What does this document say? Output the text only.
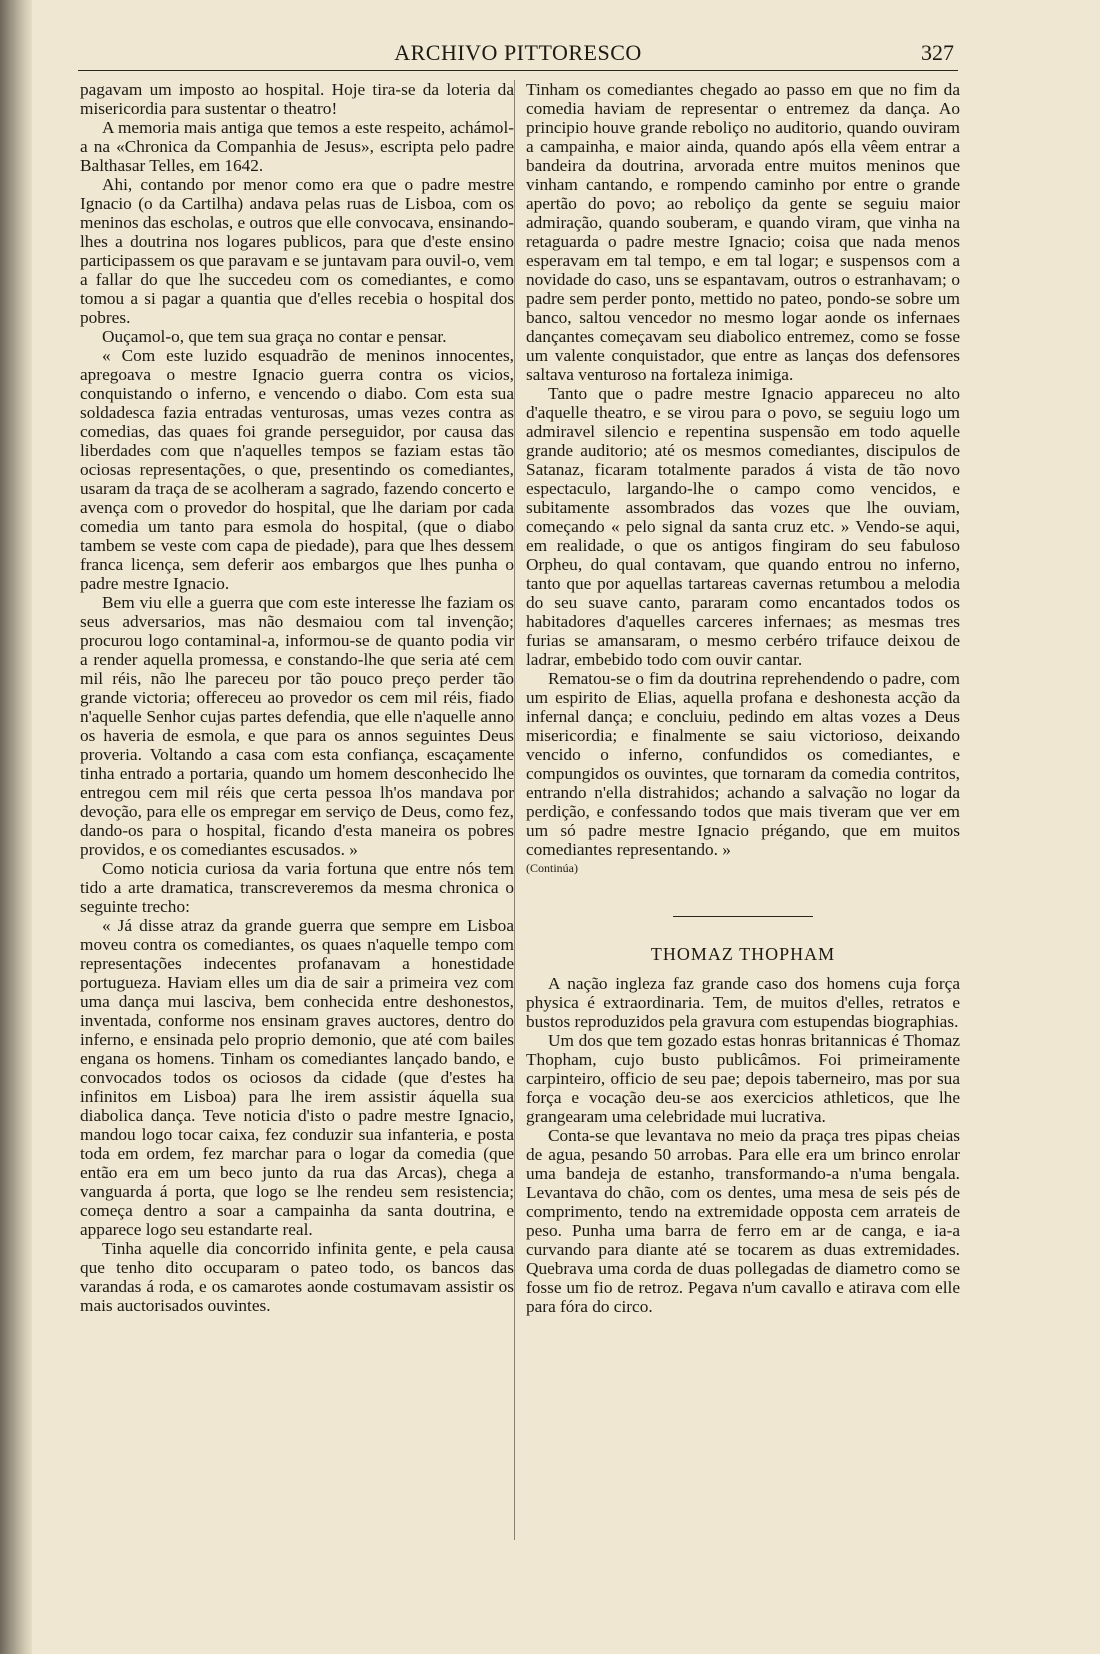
ARCHIVO PITTORESCO	327

pagavam um imposto ao hospital. Hoje tira-se da loteria da misericordia para sustentar o theatro!

A memoria mais antiga que temos a este respeito, achámol-a na «Chronica da Companhia de Jesus», escripta pelo padre Balthasar Telles, em 1642.

Ahi, contando por menor como era que o padre mestre Ignacio (o da Cartilha) andava pelas ruas de Lisboa, com os meninos das escholas, e outros que elle convocava, ensinando-lhes a doutrina nos logares publicos, para que d'este ensino participassem os que paravam e se juntavam para ouvil-o, vem a fallar do que lhe succedeu com os comediantes, e como tomou a si pagar a quantia que d'elles recebia o hospital dos pobres.

Ouçamol-o, que tem sua graça no contar e pensar.

« Com este luzido esquadrão de meninos innocentes, apregoava o mestre Ignacio guerra contra os vicios, conquistando o inferno, e vencendo o diabo. Com esta sua soldadesca fazia entradas venturosas, umas vezes contra as comedias, das quaes foi grande perseguidor, por causa das liberdades com que n'aquelles tempos se faziam estas tão ociosas representações, o que, presentindo os comediantes, usaram da traça de se acolheram a sagrado, fazendo concerto e avença com o provedor do hospital, que lhe dariam por cada comedia um tanto para esmola do hospital, (que o diabo tambem se veste com capa de piedade), para que lhes dessem franca licença, sem deferir aos embargos que lhes punha o padre mestre Ignacio.

Bem viu elle a guerra que com este interesse lhe faziam os seus adversarios, mas não desmaiou com tal invenção; procurou logo contaminal-a, informou-se de quanto podia vir a render aquella promessa, e constando-lhe que seria até cem mil réis, não lhe pareceu por tão pouco preço perder tão grande victoria; offereceu ao provedor os cem mil réis, fiado n'aquelle Senhor cujas partes defendia, que elle n'aquelle anno os haveria de esmola, e que para os annos seguintes Deus proveria. Voltando a casa com esta confiança, escaçamente tinha entrado a portaria, quando um homem desconhecido lhe entregou cem mil réis que certa pessoa lh'os mandava por devoção, para elle os empregar em serviço de Deus, como fez, dando-os para o hospital, ficando d'esta maneira os pobres providos, e os comediantes escusados. »

Como noticia curiosa da varia fortuna que entre nós tem tido a arte dramatica, transcreveremos da mesma chronica o seguinte trecho:

« Já disse atraz da grande guerra que sempre em Lisboa moveu contra os comediantes, os quaes n'aquelle tempo com representações indecentes profanavam a honestidade portugueza. Haviam elles um dia de sair a primeira vez com uma dança mui lasciva, bem conhecida entre deshonestos, inventada, conforme nos ensinam graves auctores, dentro do inferno, e ensinada pelo proprio demonio, que até com bailes engana os homens. Tinham os comediantes lançado bando, e convocados todos os ociosos da cidade (que d'estes ha infinitos em Lisboa) para lhe irem assistir áquella sua diabolica dança. Teve noticia d'isto o padre mestre Ignacio, mandou logo tocar caixa, fez conduzir sua infanteria, e posta toda em ordem, fez marchar para o logar da comedia (que então era em um beco junto da rua das Arcas), chega a vanguarda á porta, que logo se lhe rendeu sem resistencia; começa dentro a soar a campainha da santa doutrina, e apparece logo seu estandarte real.

Tinha aquelle dia concorrido infinita gente, e pela causa que tenho dito occuparam o pateo todo, os bancos das varandas á roda, e os camarotes aonde costumavam assistir os mais auctorisados ouvintes.

Tinham os comediantes chegado ao passo em que no fim da comedia haviam de representar o entremez da dança. Ao principio houve grande reboliço no auditorio, quando ouviram a campainha, e maior ainda, quando após ella vêem entrar a bandeira da doutrina, arvorada entre muitos meninos que vinham cantando, e rompendo caminho por entre o grande apertão do povo; ao reboliço da gente se seguiu maior admiração, quando souberam, e quando viram, que vinha na retaguarda o padre mestre Ignacio; coisa que nada menos esperavam em tal tempo, e em tal logar; e suspensos com a novidade do caso, uns se espantavam, outros o estranhavam; o padre sem perder ponto, mettido no pateo, pondo-se sobre um banco, saltou vencedor no mesmo logar aonde os infernaes dançantes começavam seu diabolico entremez, como se fosse um valente conquistador, que entre as lanças dos defensores saltava venturoso na fortaleza inimiga.

Tanto que o padre mestre Ignacio appareceu no alto d'aquelle theatro, e se virou para o povo, se seguiu logo um admiravel silencio e repentina suspensão em todo aquelle grande auditorio; até os mesmos comediantes, discipulos de Satanaz, ficaram totalmente parados á vista de tão novo espectaculo, largando-lhe o campo como vencidos, e subitamente assombrados das vozes que lhe ouviam, começando « pelo signal da santa cruz etc. » Vendo-se aqui, em realidade, o que os antigos fingiram do seu fabuloso Orpheu, do qual contavam, que quando entrou no inferno, tanto que por aquellas tartareas cavernas retumbou a melodia do seu suave canto, pararam como encantados todos os habitadores d'aquelles carceres infernaes; as mesmas tres furias se amansaram, o mesmo cerbéro trifauce deixou de ladrar, embebido todo com ouvir cantar.

Rematou-se o fim da doutrina reprehendendo o padre, com um espirito de Elias, aquella profana e deshonesta acção da infernal dança; e concluiu, pedindo em altas vozes a Deus misericordia; e finalmente se saiu victorioso, deixando vencido o inferno, confundidos os comediantes, e compungidos os ouvintes, que tornaram da comedia contritos, entrando n'ella distrahidos; achando a salvação no logar da perdição, e confessando todos que mais tiveram que ver em um só padre mestre Ignacio prégando, que em muitos comediantes representando. »

(Continúa)

THOMAZ THOPHAM

A nação ingleza faz grande caso dos homens cuja força physica é extraordinaria. Tem, de muitos d'elles, retratos e bustos reproduzidos pela gravura com estupendas biographias.

Um dos que tem gozado estas honras britannicas é Thomaz Thopham, cujo busto publicâmos. Foi primeiramente carpinteiro, officio de seu pae; depois taberneiro, mas por sua força e vocação deu-se aos exercicios athleticos, que lhe grangearam uma celebridade mui lucrativa.

Conta-se que levantava no meio da praça tres pipas cheias de agua, pesando 50 arrobas. Para elle era um brinco enrolar uma bandeja de estanho, transformando-a n'uma bengala. Levantava do chão, com os dentes, uma mesa de seis pés de comprimento, tendo na extremidade opposta cem arrateis de peso. Punha uma barra de ferro em ar de canga, e ia-a curvando para diante até se tocarem as duas extremidades. Quebrava uma corda de duas pollegadas de diametro como se fosse um fio de retroz. Pegava n'um cavallo e atirava com elle para fóra do circo.
